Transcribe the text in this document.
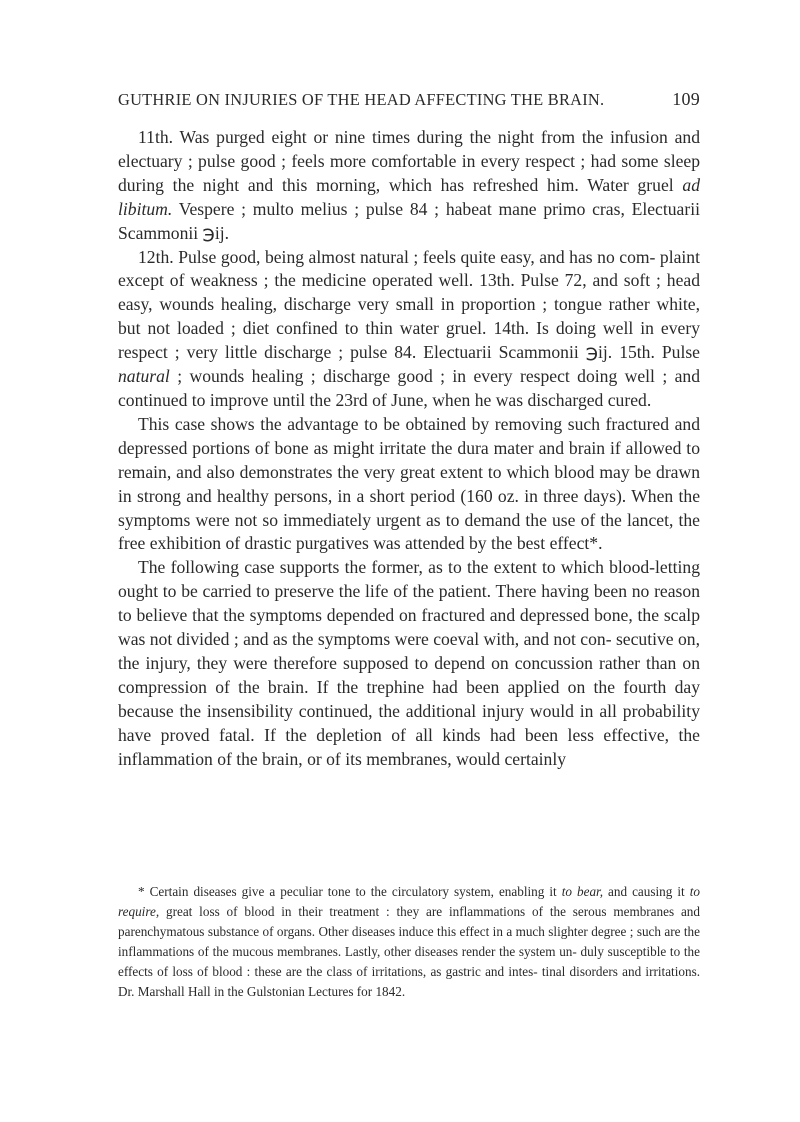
GUTHRIE ON INJURIES OF THE HEAD AFFECTING THE BRAIN.	109

11th. Was purged eight or nine times during the night from the infusion and electuary ; pulse good ; feels more comfortable in every respect ; had some sleep during the night and this morning, which has refreshed him. Water gruel ad libitum. Vespere ; multo melius ; pulse 84 ; habeat mane primo cras, Electuarii Scammonii ℈ij.

12th. Pulse good, being almost natural ; feels quite easy, and has no com- plaint except of weakness ; the medicine operated well. 13th. Pulse 72, and soft ; head easy, wounds healing, discharge very small in proportion ; tongue rather white, but not loaded ; diet confined to thin water gruel. 14th. Is doing well in every respect ; very little discharge ; pulse 84. Electuarii Scammonii ℈ij. 15th. Pulse natural ; wounds healing ; discharge good ; in every respect doing well ; and continued to improve until the 23rd of June, when he was discharged cured.

This case shows the advantage to be obtained by removing such fractured and depressed portions of bone as might irritate the dura mater and brain if allowed to remain, and also demonstrates the very great extent to which blood may be drawn in strong and healthy persons, in a short period (160 oz. in three days). When the symptoms were not so immediately urgent as to demand the use of the lancet, the free exhibition of drastic purgatives was attended by the best effect*.

The following case supports the former, as to the extent to which blood-letting ought to be carried to preserve the life of the patient. There having been no reason to believe that the symptoms depended on fractured and depressed bone, the scalp was not divided ; and as the symptoms were coeval with, and not con- secutive on, the injury, they were therefore supposed to depend on concussion rather than on compression of the brain. If the trephine had been applied on the fourth day because the insensibility continued, the additional injury would in all probability have proved fatal. If the depletion of all kinds had been less effective, the inflammation of the brain, or of its membranes, would certainly

* Certain diseases give a peculiar tone to the circulatory system, enabling it to bear, and causing it to require, great loss of blood in their treatment : they are inflammations of the serous membranes and parenchymatous substance of organs. Other diseases induce this effect in a much slighter degree ; such are the inflammations of the mucous membranes. Lastly, other diseases render the system un- duly susceptible to the effects of loss of blood : these are the class of irritations, as gastric and intes- tinal disorders and irritations. Dr. Marshall Hall in the Gulstonian Lectures for 1842.
